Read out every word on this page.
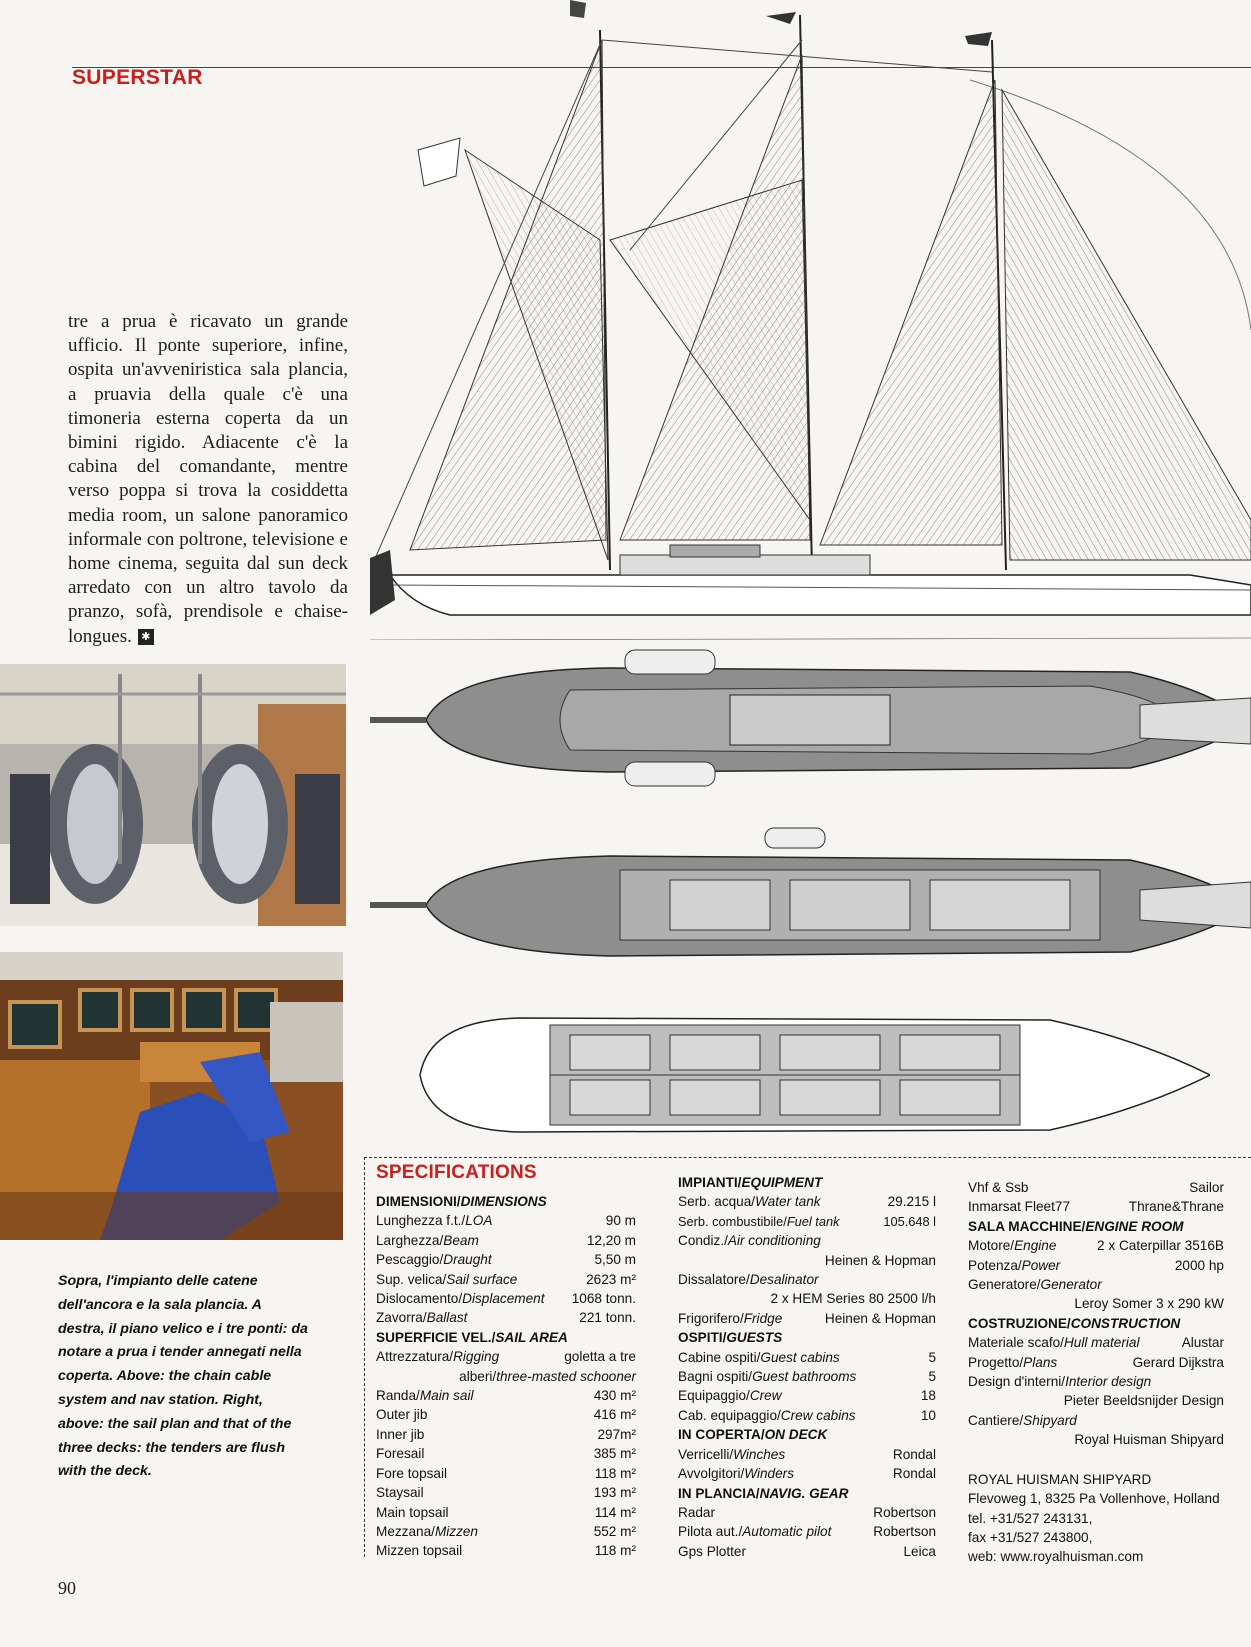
SUPERSTAR
tre a prua è ricavato un grande ufficio. Il ponte superiore, infine, ospita un'avveniristica sala plancia, a pruavia della quale c'è una timoneria esterna coperta da un bimini rigido. Adiacente c'è la cabina del comandante, mentre verso poppa si trova la cosiddetta media room, un salone panoramico informale con poltrone, televisione e home cinema, seguita dal sun deck arredato con un altro tavolo da pranzo, sofà, prendisole e chaise-longues. ✱
Sopra, l'impianto delle catene dell'ancora e la sala plancia. A destra, il piano velico e i tre ponti: da notare a prua i tender annegati nella coperta. Above: the chain cable system and nav station. Right, above: the sail plan and that of the three decks: the tenders are flush with the deck.
90
SPECIFICATIONS
DIMENSIONI/DIMENSIONS
Lunghezza f.t./LOA	90 m
Larghezza/Beam	12,20 m
Pescaggio/Draught	5,50 m
Sup. velica/Sail surface	2623 m²
Dislocamento/Displacement 1068 tonn.
Zavorra/Ballast	221 tonn.
SUPERFICIE VEL./SAIL AREA
Attrezzatura/Rigging	goletta a tre
alberi/three-masted schooner
Randa/Main sail	430 m²
Outer jib	416 m²
Inner jib	297m²
Foresail	385 m²
Fore topsail	118 m²
Staysail	193 m²
Main topsail	114 m²
Mezzana/Mizzen	552 m²
Mizzen topsail	118 m²
IMPIANTI/EQUIPMENT
Serb. acqua/Water tank	29.215 l
Serb. combustibile/Fuel tank	105.648 l
Condiz./Air conditioning
Heinen & Hopman
Dissalatore/Desalinator
2 x HEM Series 80 2500 l/h
Frigorifero/Fridge	Heinen & Hopman
OSPITI/GUESTS
Cabine ospiti/Guest cabins	5
Bagni ospiti/Guest bathrooms	5
Equipaggio/Crew	18
Cab. equipaggio/Crew cabins	10
IN COPERTA/ON DECK
Verricelli/Winches	Rondal
Avvolgitori/Winders	Rondal
IN PLANCIA/NAVIG. GEAR
Radar	Robertson
Pilota aut./Automatic pilot	Robertson
Gps Plotter	Leica
Vhf & Ssb	Sailor
Inmarsat Fleet77	Thrane&Thrane
SALA MACCHINE/ENGINE ROOM
Motore/Engine	2 x Caterpillar 3516B
Potenza/Power	2000 hp
Generatore/Generator
Leroy Somer 3 x 290 kW
COSTRUZIONE/CONSTRUCTION
Materiale scafo/Hull material	Alustar
Progetto/Plans	Gerard Dijkstra
Design d'interni/Interior design
Pieter Beeldsnijder Design
Cantiere/Shipyard
Royal Huisman Shipyard
ROYAL HUISMAN SHIPYARD
Flevoweg 1, 8325 Pa Vollenhove, Holland
tel. +31/527 243131,
fax +31/527 243800,
web: www.royalhuisman.com
